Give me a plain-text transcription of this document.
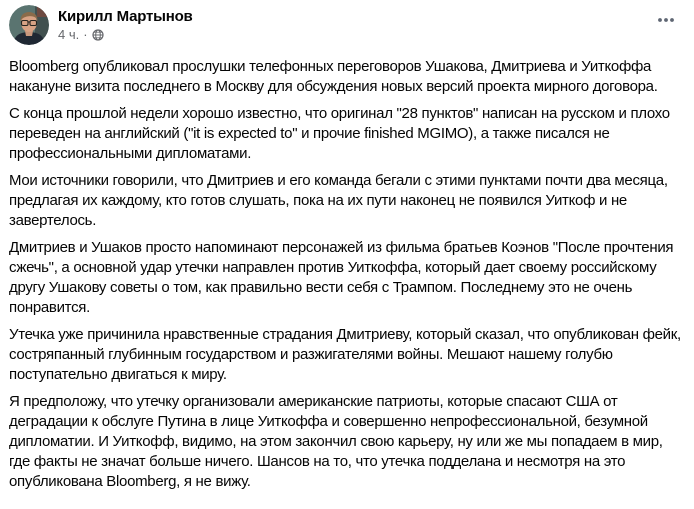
Кирилл Мартынов
4 ч. ·

Bloomberg опубликовал прослушки телефонных переговоров Ушакова, Дмитриева и Уиткоффа накануне визита последнего в Москву для обсуждения новых версий проекта мирного договора.

С конца прошлой недели хорошо известно, что оригинал "28 пунктов" написан на русском и плохо переведен на английский ("it is expected to" и прочие finished MGIMO), а также писался не профессиональными дипломатами.

Мои источники говорили, что Дмитриев и его команда бегали с этими пунктами почти два месяца, предлагая их каждому, кто готов слушать, пока на их пути наконец не появился Уиткоф и не завертелось.

Дмитриев и Ушаков просто напоминают персонажей из фильма братьев Коэнов "После прочтения сжечь", а основной удар утечки направлен против Уиткоффа, который дает своему российскому другу Ушакову советы о том, как правильно вести себя с Трампом. Последнему это не очень понравится.

Утечка уже причинила нравственные страдания Дмитриеву, который сказал, что опубликован фейк, состряпанный глубинным государством и разжигателями войны. Мешают нашему голубю поступательно двигаться к миру.

Я предположу, что утечку организовали американские патриоты, которые спасают США от деградации к обслуге Путина в лице Уиткоффа и совершенно непрофессиональной, безумной дипломатии. И Уиткофф, видимо, на этом закончил свою карьеру, ну или же мы попадаем в мир, где факты не значат больше ничего. Шансов на то, что утечка подделана и несмотря на это опубликована Bloomberg, я не вижу.
